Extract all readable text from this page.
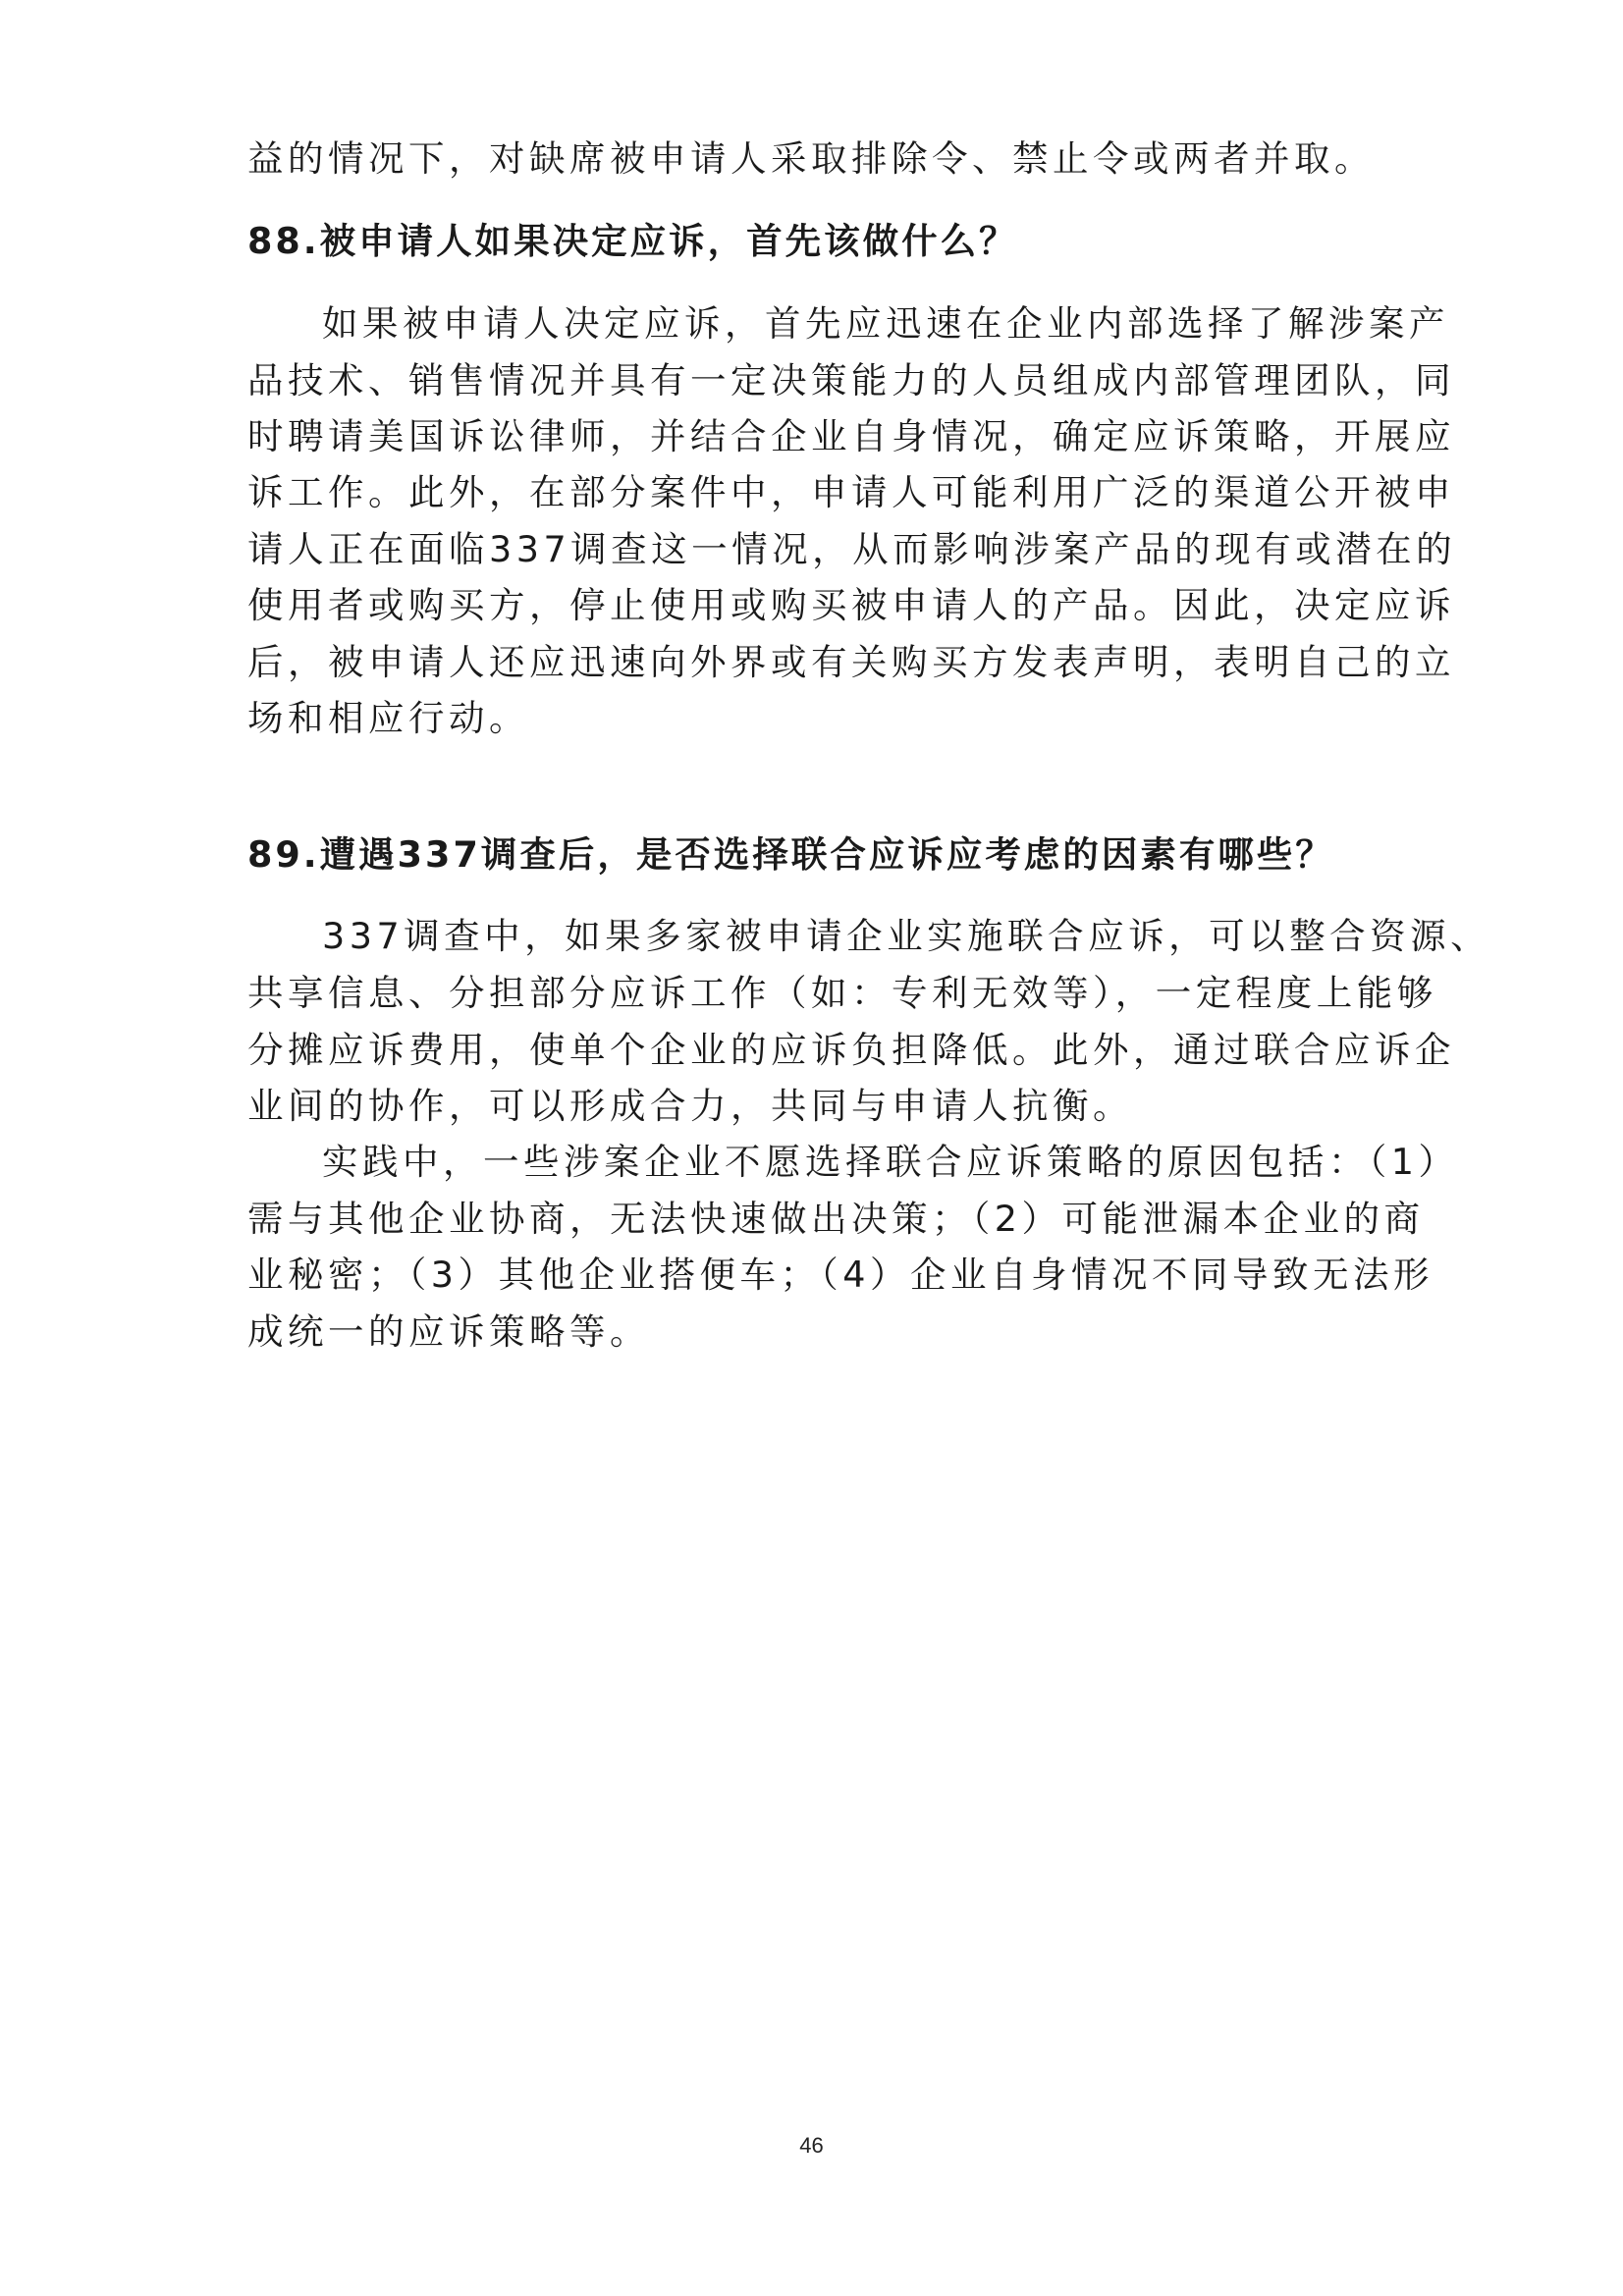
益的情况下，对缺席被申请人采取排除令、禁止令或两者并取。
88.被申请人如果决定应诉，首先该做什么？
如果被申请人决定应诉，首先应迅速在企业内部选择了解涉案产
品技术、销售情况并具有一定决策能力的人员组成内部管理团队，同
时聘请美国诉讼律师，并结合企业自身情况，确定应诉策略，开展应
诉工作。此外，在部分案件中，申请人可能利用广泛的渠道公开被申
请人正在面临337调查这一情况，从而影响涉案产品的现有或潜在的
使用者或购买方，停止使用或购买被申请人的产品。因此，决定应诉
后，被申请人还应迅速向外界或有关购买方发表声明，表明自己的立
场和相应行动。
89.遭遇337调查后，是否选择联合应诉应考虑的因素有哪些？
337调查中，如果多家被申请企业实施联合应诉，可以整合资源、
共享信息、分担部分应诉工作（如：专利无效等），一定程度上能够
分摊应诉费用，使单个企业的应诉负担降低。此外，通过联合应诉企
业间的协作，可以形成合力，共同与申请人抗衡。
实践中，一些涉案企业不愿选择联合应诉策略的原因包括：（1）
需与其他企业协商，无法快速做出决策；（2）可能泄漏本企业的商
业秘密；（3）其他企业搭便车；（4）企业自身情况不同导致无法形
成统一的应诉策略等。
46
